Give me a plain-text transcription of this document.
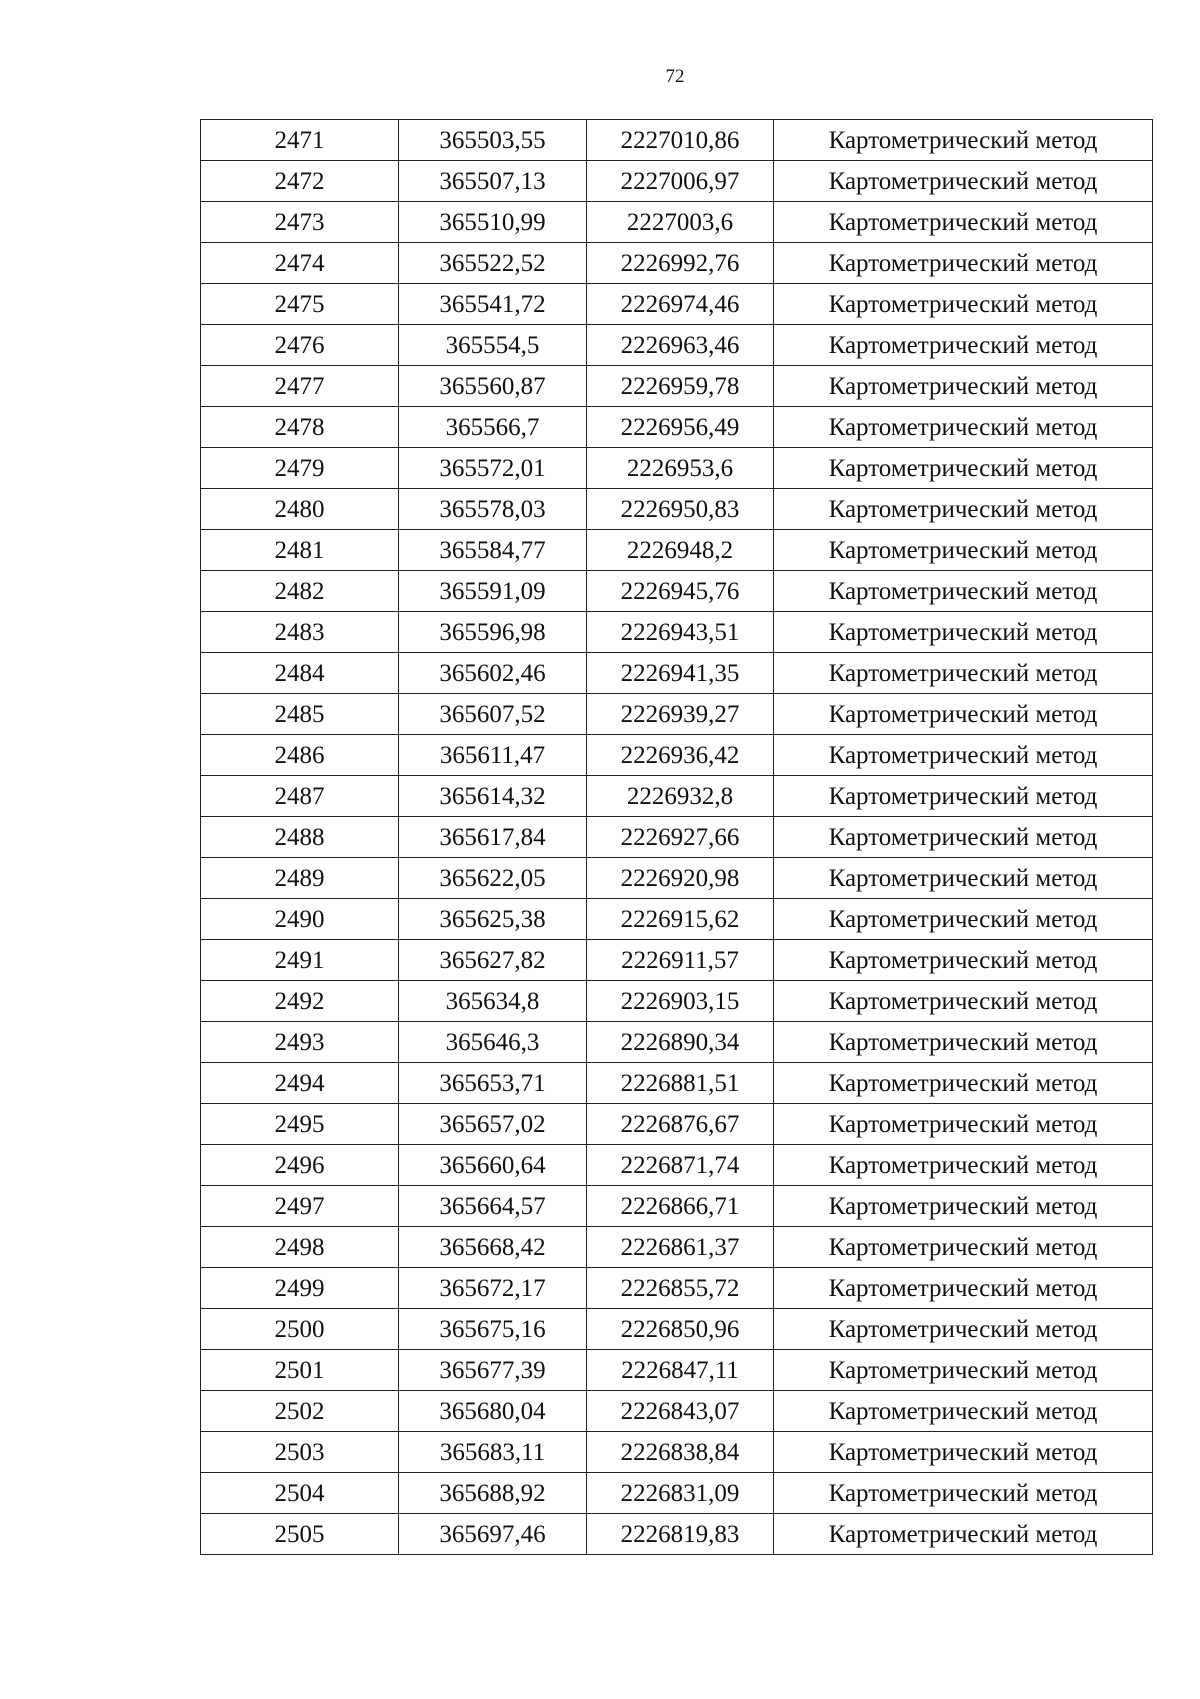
72
2471	365503,55	2227010,86	Картометрический метод
2472	365507,13	2227006,97	Картометрический метод
2473	365510,99	2227003,6	Картометрический метод
2474	365522,52	2226992,76	Картометрический метод
2475	365541,72	2226974,46	Картометрический метод
2476	365554,5	2226963,46	Картометрический метод
2477	365560,87	2226959,78	Картометрический метод
2478	365566,7	2226956,49	Картометрический метод
2479	365572,01	2226953,6	Картометрический метод
2480	365578,03	2226950,83	Картометрический метод
2481	365584,77	2226948,2	Картометрический метод
2482	365591,09	2226945,76	Картометрический метод
2483	365596,98	2226943,51	Картометрический метод
2484	365602,46	2226941,35	Картометрический метод
2485	365607,52	2226939,27	Картометрический метод
2486	365611,47	2226936,42	Картометрический метод
2487	365614,32	2226932,8	Картометрический метод
2488	365617,84	2226927,66	Картометрический метод
2489	365622,05	2226920,98	Картометрический метод
2490	365625,38	2226915,62	Картометрический метод
2491	365627,82	2226911,57	Картометрический метод
2492	365634,8	2226903,15	Картометрический метод
2493	365646,3	2226890,34	Картометрический метод
2494	365653,71	2226881,51	Картометрический метод
2495	365657,02	2226876,67	Картометрический метод
2496	365660,64	2226871,74	Картометрический метод
2497	365664,57	2226866,71	Картометрический метод
2498	365668,42	2226861,37	Картометрический метод
2499	365672,17	2226855,72	Картометрический метод
2500	365675,16	2226850,96	Картометрический метод
2501	365677,39	2226847,11	Картометрический метод
2502	365680,04	2226843,07	Картометрический метод
2503	365683,11	2226838,84	Картометрический метод
2504	365688,92	2226831,09	Картометрический метод
2505	365697,46	2226819,83	Картометрический метод
